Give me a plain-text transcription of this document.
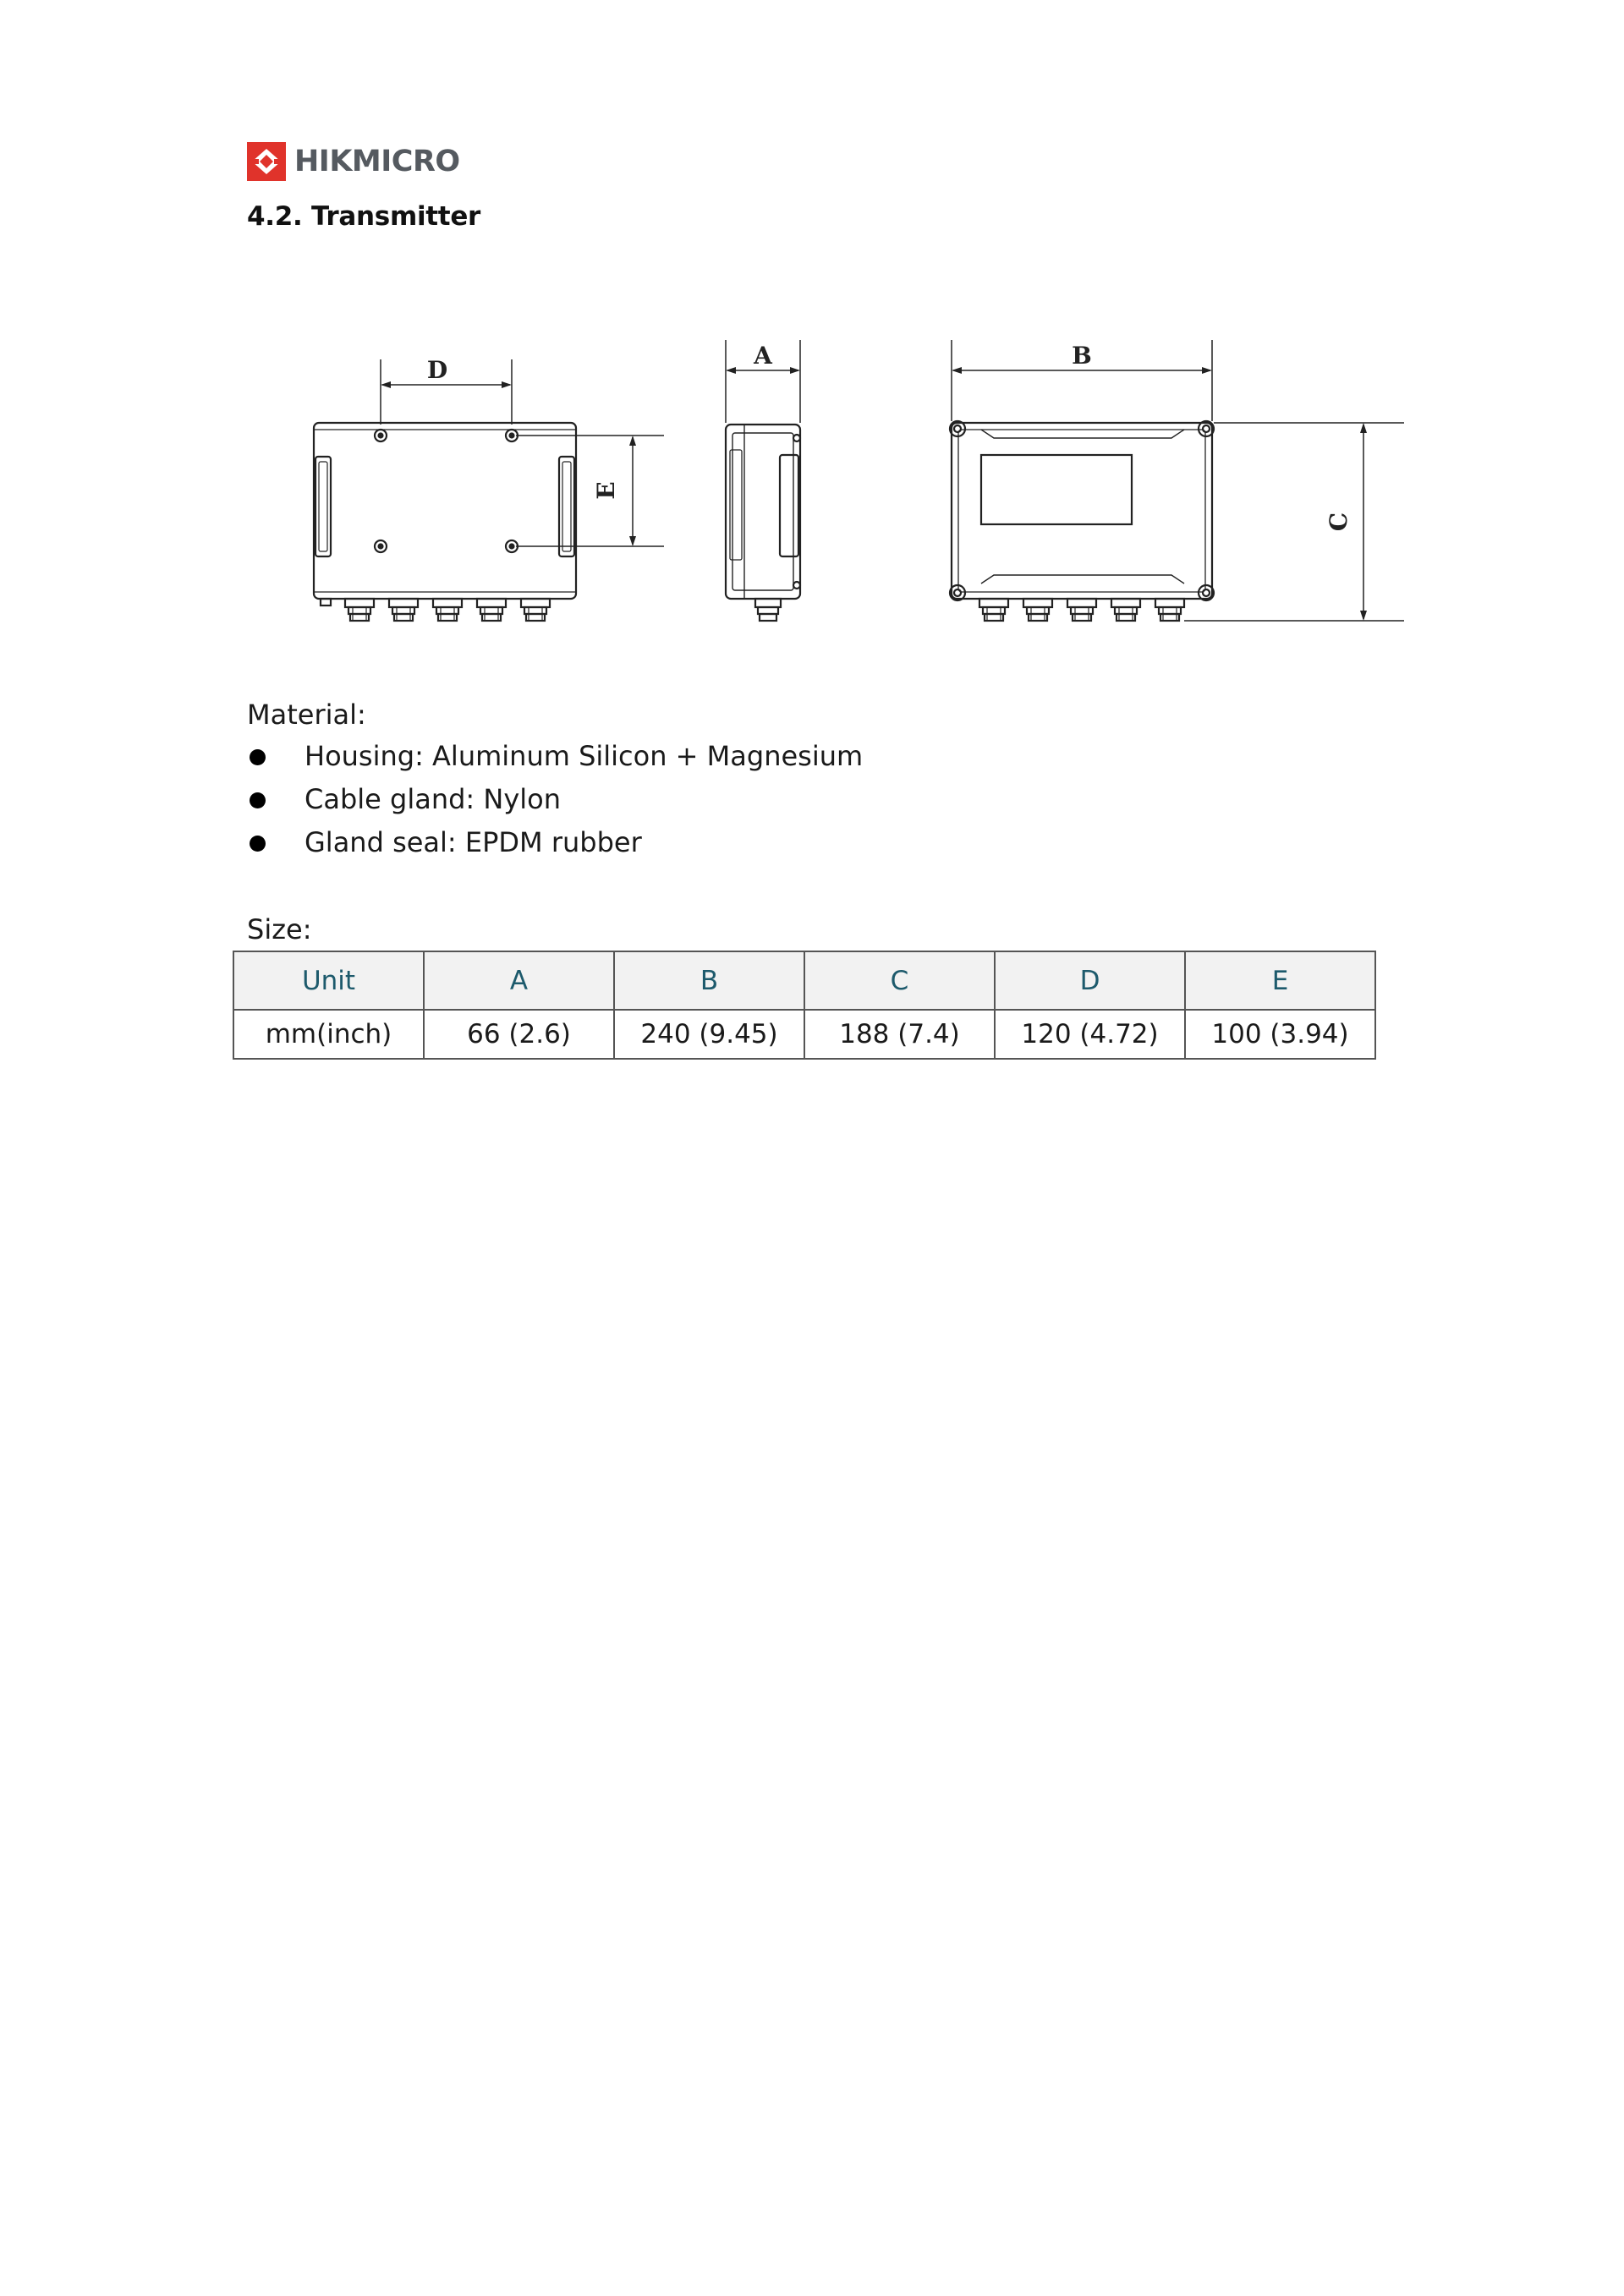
HIKMICRO
4.2. Transmitter
D
E
A	B
C
Material:
Housing: Aluminum Silicon + Magnesium
Cable gland: Nylon
Gland seal: EPDM rubber
Size:
Unit	A	B	C	D	E
mm(inch)	66 (2.6)	240 (9.45)	188 (7.4)	120 (4.72)	100 (3.94)
